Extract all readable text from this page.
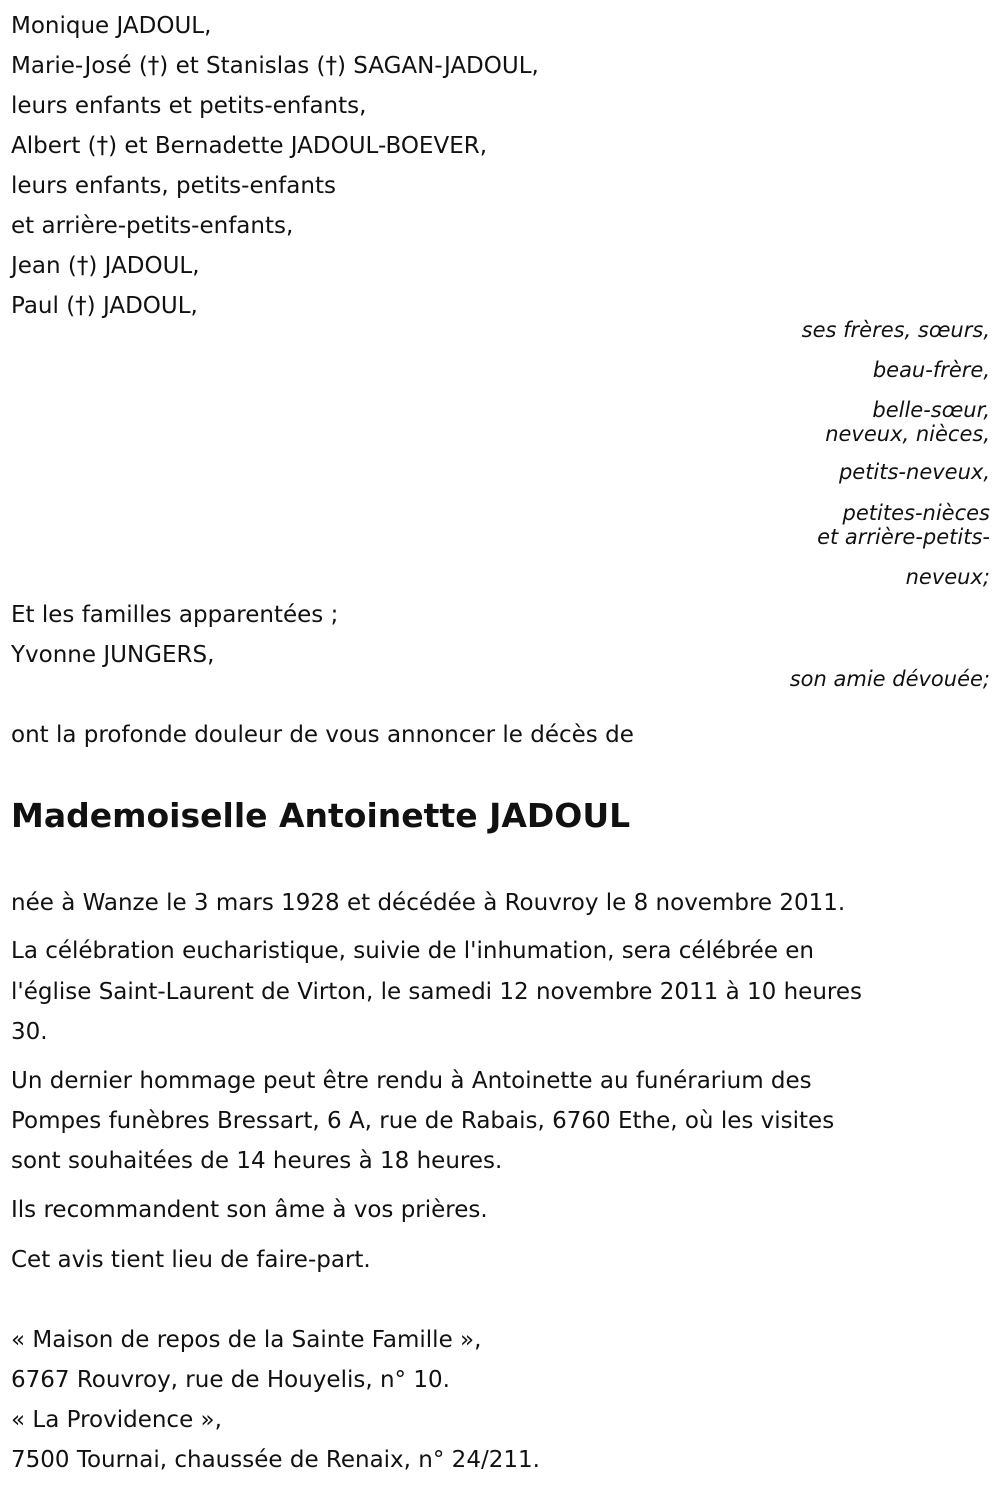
Monique JADOUL,
Marie-José (†) et Stanislas (†) SAGAN-JADOUL,
leurs enfants et petits-enfants,
Albert (†) et Bernadette JADOUL-BOEVER,
leurs enfants, petits-enfants
et arrière-petits-enfants,
Jean (†) JADOUL,
Paul (†) JADOUL,
ses frères, sœurs,
beau-frère,
belle-sœur,
neveux, nièces,
petits-neveux,
petites-nièces
et arrière-petits-
neveux;
Et les familles apparentées ;
Yvonne JUNGERS,
son amie dévouée;
ont la profonde douleur de vous annoncer le décès de
Mademoiselle Antoinette JADOUL
née à Wanze le 3 mars 1928 et décédée à Rouvroy le 8 novembre 2011.
La célébration eucharistique, suivie de l'inhumation, sera célébrée en
l'église Saint-Laurent de Virton, le samedi 12 novembre 2011 à 10 heures
30.
Un dernier hommage peut être rendu à Antoinette au funérarium des
Pompes funèbres Bressart, 6 A, rue de Rabais, 6760 Ethe, où les visites
sont souhaitées de 14 heures à 18 heures.
Ils recommandent son âme à vos prières.
Cet avis tient lieu de faire-part.
« Maison de repos de la Sainte Famille »,
6767 Rouvroy, rue de Houyelis, n° 10.
« La Providence »,
7500 Tournai, chaussée de Renaix, n° 24/211.
